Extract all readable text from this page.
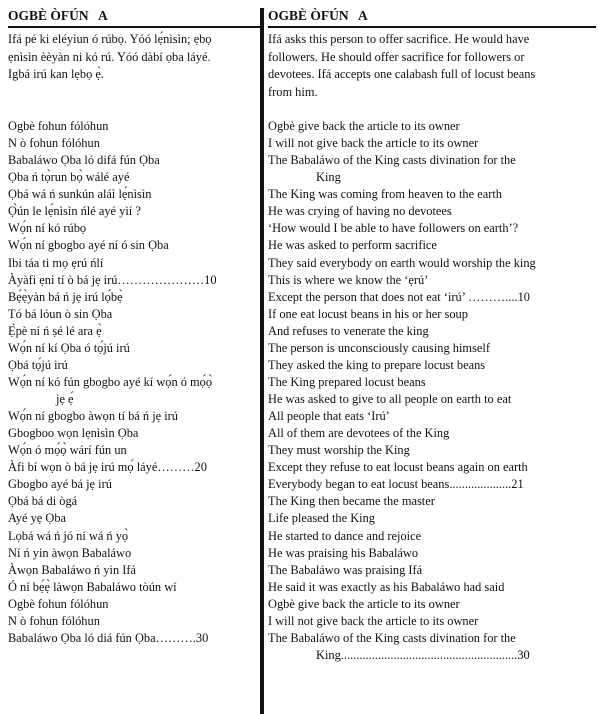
OGBÈ ÒFÚN   A
Ifá pé ki eléyìun ó rúbọ. Yóó lẹ́nìsìn; ẹbọ
ẹnìsìn èèyàn ni kó rú. Yóó dàbí ọba láyé.
Igbá irú kan lẹbọ ẹ̀.
Ogbè fohun fólóhun
N ò fohun fólóhun
Babaláwo Ọba ló difá fún Ọba
Ọba ń tọ̀run bọ̀ wálé ayé
Ọbá wá ń sunkún aláì lẹ́nìsìn
Ọ̀ún le lẹ́nìsìn ńlé ayé yìí ?
Wọ́n ní kó rúbọ
Wọ́n ní gbogbo ayé ní ó sin Ọba
Ibi táa ti mọ ẹrú ńlí
Àyàfi ẹni tí ò bá jẹ irú…………………10
Bẹ́ẹ̀yàn bá ń jẹ irú lọ́bẹ̀
Tó bá lóun ò sin Ọba
Ẹ̀pè ní ń ṣé lé ara ẹ̀
Wọ́n ní kí Ọba ó tọ́jú irú
Ọbá tọ́jú irú
Wọ́n ní kó fún gbogbo ayé kí wọ́n ó mọ́ọ̀
jẹ ẹ́
Wọ́n ní gbogbo àwọn tí bá ń jẹ irú
Gbogboo wọn lẹnìsìn Ọba
Wọ́n ó mọ́ọ̀ wárí fún un
Àfi bí wọn ò bá jẹ irú mọ́ láyé………20
Gbogbo ayé bá jẹ irú
Ọbá bá di ògá
Ayé yẹ Ọba
Lọbá wá ń jó ní wá ń yọ̀
Ní ń yin àwọn Babaláwo
Àwọn Babaláwo ń yin Ifá
Ó ní bẹ́ẹ̀ làwọn Babaláwo tòún wí
Ogbè fohun fólóhun
N ò fohun fólóhun
Babaláwo Ọba ló diá fún Ọba……….30
OGBÈ ÒFÚN   A
Ifá asks this person to offer sacrifice. He would have
followers. He should offer sacrifice for followers or
devotees. Ifá accepts one calabash full of locust beans
from him.
Ogbè give back the article to its owner
I will not give back the article to its owner
The Babaláwo of the King casts divination for the
King
The King was coming from heaven to the earth
He was crying of having no devotees
‘How would I be able to have followers on earth’?
He was asked to perform sacrifice
They said everybody on earth would worship the king
This is where we know the ‘ẹrú’
Except the person that does not eat ‘irú’ ………....10
If one eat locust beans in his or her soup
And refuses to venerate the king
The person is unconsciously causing himself
They asked the king to prepare locust beans
The King prepared locust beans
He was asked to give to all people on earth to eat
All people that eats ‘Irú’
All of them are devotees of the King
They must worship the King
Except they refuse to eat locust beans again on earth
Everybody began to eat locust beans....................21
The King then became the master
Life pleased the King
He started to dance and rejoice
He was praising his Babaláwo
The Babaláwo was praising Ifá
He said it was exactly as his Babaláwo had said
Ogbè give back the article to its owner
I will not give back the article to its owner
The Babaláwo of the King casts divination for the
King.........................................................30
